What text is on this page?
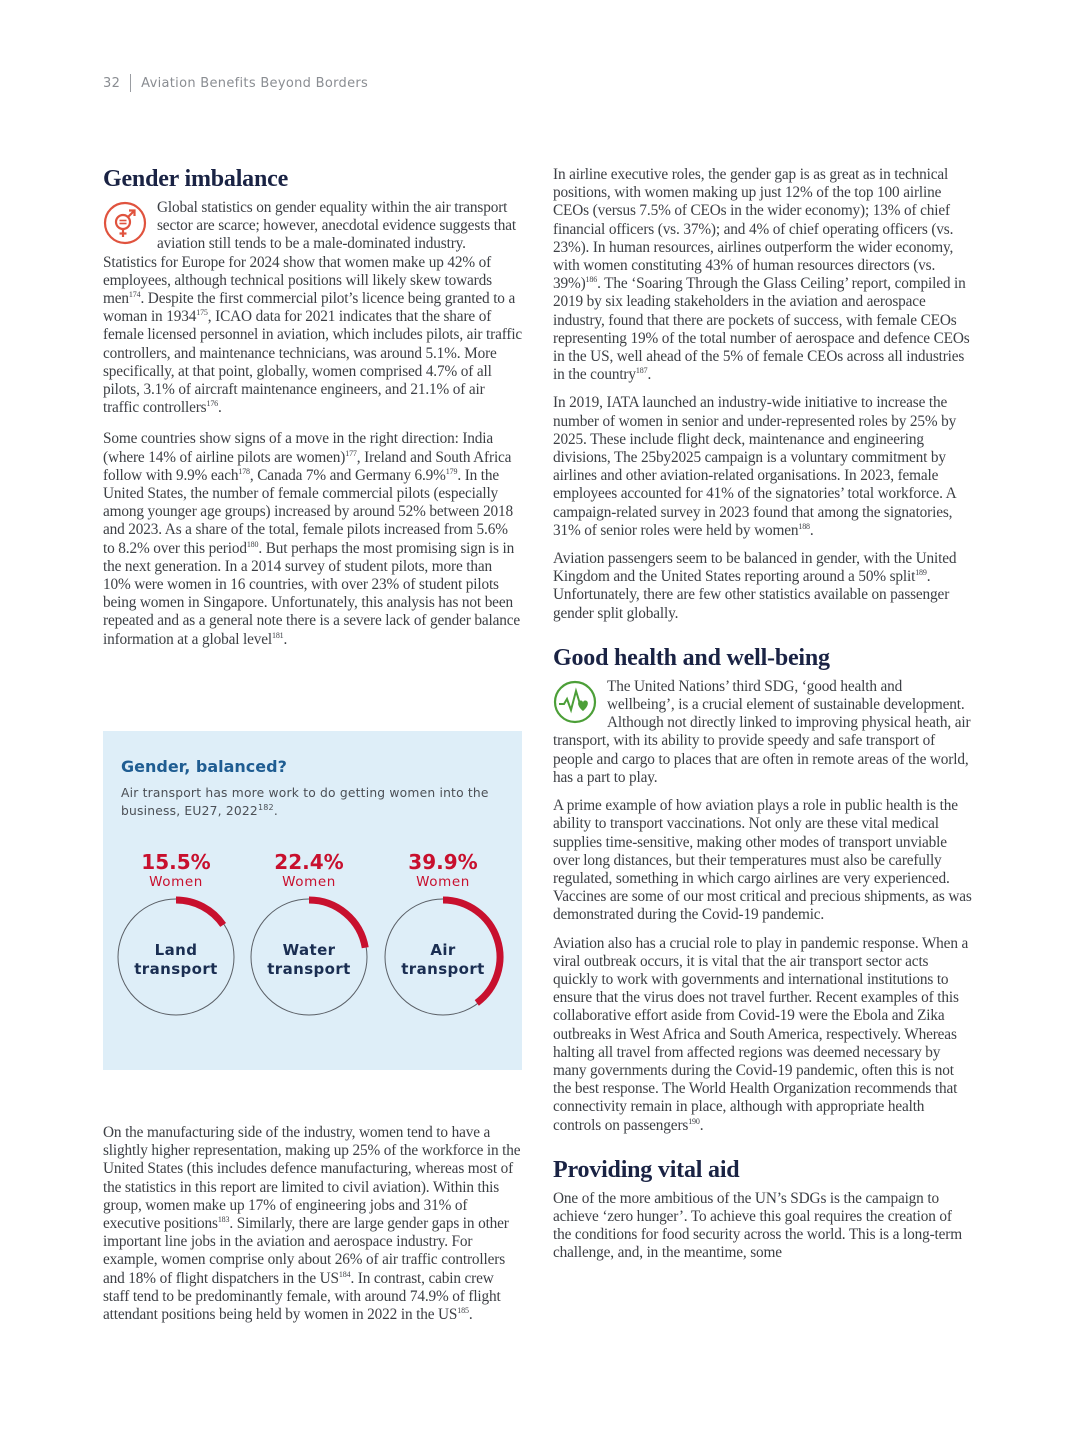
32 Aviation Benefits Beyond Borders
Gender imbalance

Global statistics on gender equality within the air transport sector are scarce; however, anecdotal evidence suggests that aviation still tends to be a male-dominated industry. Statistics for Europe for 2024 show that women make up 42% of employees, although technical positions will likely skew towards men$^{174}$. Despite the first commercial pilot’s licence being granted to a woman in 1934$^{175}$, ICAO data for 2021 indicates that the share of female licensed personnel in aviation, which includes pilots, air traffic controllers, and maintenance technicians, was around 5.1%. More specifically, at that point, globally, women comprised 4.7% of all pilots, 3.1% of aircraft maintenance engineers, and 21.1% of air traffic controllers$^{176}$.

Some countries show signs of a move in the right direction: India (where 14% of airline pilots are women)$^{177}$, Ireland and South Africa follow with 9.9% each$^{178}$, Canada 7% and Germany 6.9%$^{179}$. In the United States, the number of female commercial pilots (especially among younger age groups) increased by around 52% between 2018 and 2023. As a share of the total, female pilots increased from 5.6% to 8.2% over this period$^{180}$. But perhaps the most promising sign is in the next generation. In a 2014 survey of student pilots, more than 10% were women in 16 countries, with over 23% of student pilots being women in Singapore. Unfortunately, this analysis has not been repeated and as a general note there is a severe lack of gender balance information at a global level$^{181}$.

Gender, balanced?
Air transport has more work to do getting women into the business, EU27, 2022$^{182}$.
15.5%
Women
Land
transport
22.4%
Women
Water
transport
39.9%
Women
Air
transport

On the manufacturing side of the industry, women tend to have a slightly higher representation, making up 25% of the workforce in the United States (this includes defence manufacturing, whereas most of the statistics in this report are limited to civil aviation). Within this group, women make up 17% of engineering jobs and 31% of executive positions$^{183}$. Similarly, there are large gender gaps in other important line jobs in the aviation and aerospace industry. For example, women comprise only about 26% of air traffic controllers and 18% of flight dispatchers in the US$^{184}$. In contrast, cabin crew staff tend to be predominantly female, with around 74.9% of flight attendant positions being held by women in 2022 in the US$^{185}$.

In airline executive roles, the gender gap is as great as in technical positions, with women making up just 12% of the top 100 airline CEOs (versus 7.5% of CEOs in the wider economy); 13% of chief financial officers (vs. 37%); and 4% of chief operating officers (vs. 23%). In human resources, airlines outperform the wider economy, with women constituting 43% of human resources directors (vs. 39%)$^{186}$. The ‘Soaring Through the Glass Ceiling’ report, compiled in 2019 by six leading stakeholders in the aviation and aerospace industry, found that there are pockets of success, with female CEOs representing 19% of the total number of aerospace and defence CEOs in the US, well ahead of the 5% of female CEOs across all industries in the country$^{187}$.

In 2019, IATA launched an industry-wide initiative to increase the number of women in senior and under-represented roles by 25% by 2025. These include flight deck, maintenance and engineering divisions, The 25by2025 campaign is a voluntary commitment by airlines and other aviation-related organisations. In 2023, female employees accounted for 41% of the signatories’ total workforce. A campaign-related survey in 2023 found that among the signatories, 31% of senior roles were held by women$^{188}$.

Aviation passengers seem to be balanced in gender, with the United Kingdom and the United States reporting around a 50% split$^{189}$. Unfortunately, there are few other statistics available on passenger gender split globally.

Good health and well-being

The United Nations’ third SDG, ‘good health and wellbeing’, is a crucial element of sustainable development. Although not directly linked to improving physical heath, air transport, with its ability to provide speedy and safe transport of people and cargo to places that are often in remote areas of the world, has a part to play.

A prime example of how aviation plays a role in public health is the ability to transport vaccinations. Not only are these vital medical supplies time-sensitive, making other modes of transport unviable over long distances, but their temperatures must also be carefully regulated, something in which cargo airlines are very experienced. Vaccines are some of our most critical and precious shipments, as was demonstrated during the Covid-19 pandemic.

Aviation also has a crucial role to play in pandemic response. When a viral outbreak occurs, it is vital that the air transport sector acts quickly to work with governments and international institutions to ensure that the virus does not travel further. Recent examples of this collaborative effort aside from Covid-19 were the Ebola and Zika outbreaks in West Africa and South America, respectively. Whereas halting all travel from affected regions was deemed necessary by many governments during the Covid-19 pandemic, often this is not the best response. The World Health Organization recommends that connectivity remain in place, although with appropriate health controls on passengers$^{190}$.

Providing vital aid

One of the more ambitious of the UN’s SDGs is the campaign to achieve ‘zero hunger’. To achieve this goal requires the creation of the conditions for food security across the world. This is a long-term challenge, and, in the meantime, some
